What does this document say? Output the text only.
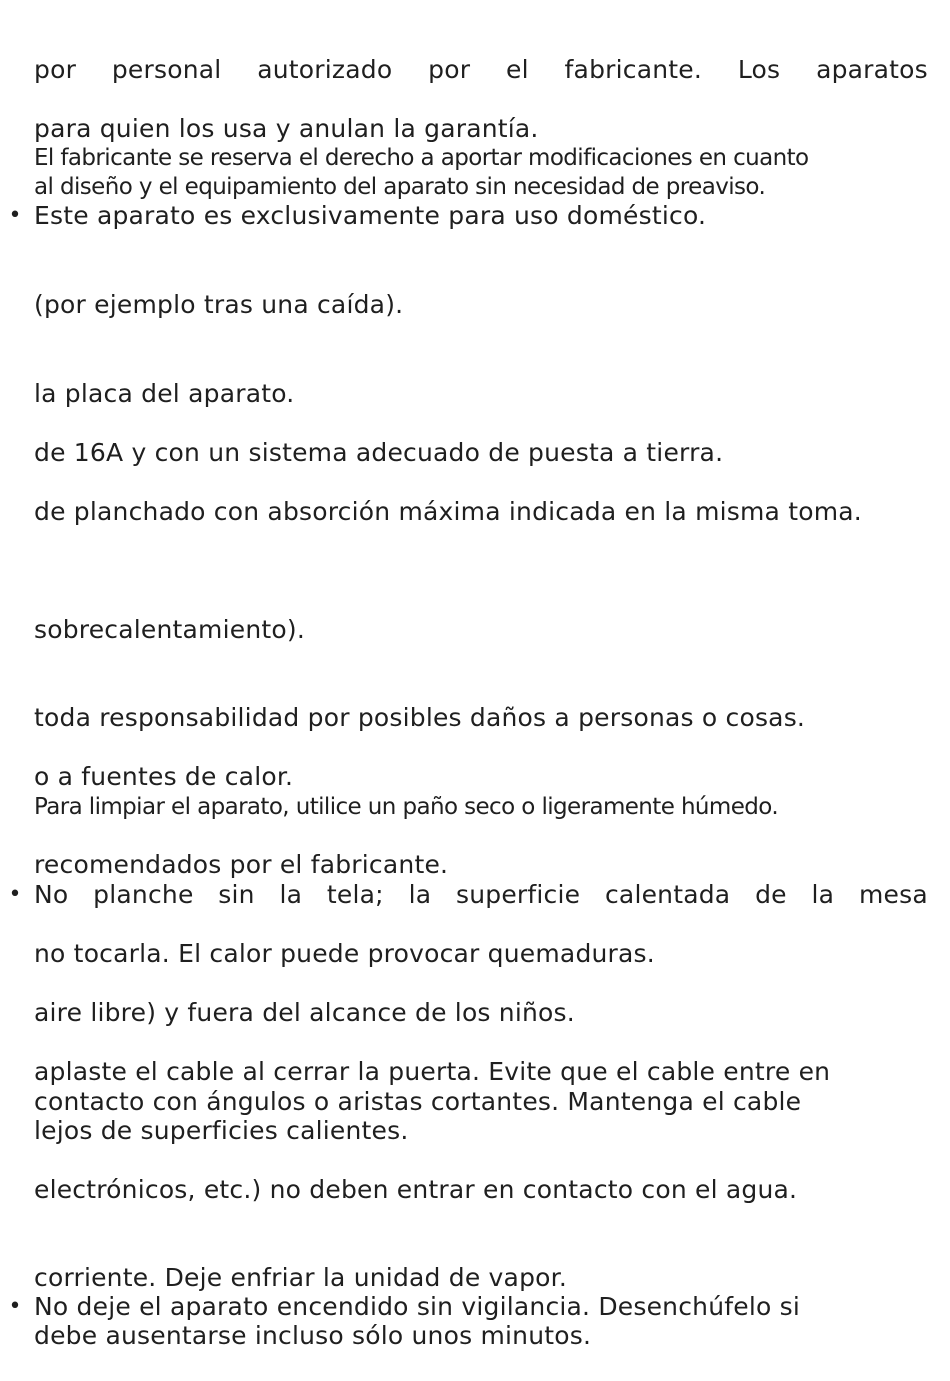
por personal autorizado por el fabricante. Los aparatos
para quien los usa y anulan la garantía.
El fabricante se reserva el derecho a aportar modificaciones en cuanto
al diseño y el equipamiento del aparato sin necesidad de preaviso.
• Este aparato es exclusivamente para uso doméstico.
(por ejemplo tras una caída).
la placa del aparato.
de 16A y con un sistema adecuado de puesta a tierra.
de planchado con absorción máxima indicada en la misma toma.
sobrecalentamiento).
toda responsabilidad por posibles daños a personas o cosas.
o a fuentes de calor.
Para limpiar el aparato, utilice un paño seco o ligeramente húmedo.
recomendados por el fabricante.
• No planche sin la tela; la superficie calentada de la mesa
no tocarla. El calor puede provocar quemaduras.
aire libre) y fuera del alcance de los niños.
aplaste el cable al cerrar la puerta. Evite que el cable entre en
contacto con ángulos o aristas cortantes. Mantenga el cable
lejos de superficies calientes.
electrónicos, etc.) no deben entrar en contacto con el agua.
corriente. Deje enfriar la unidad de vapor.
• No deje el aparato encendido sin vigilancia. Desenchúfelo si
debe ausentarse incluso sólo unos minutos.
